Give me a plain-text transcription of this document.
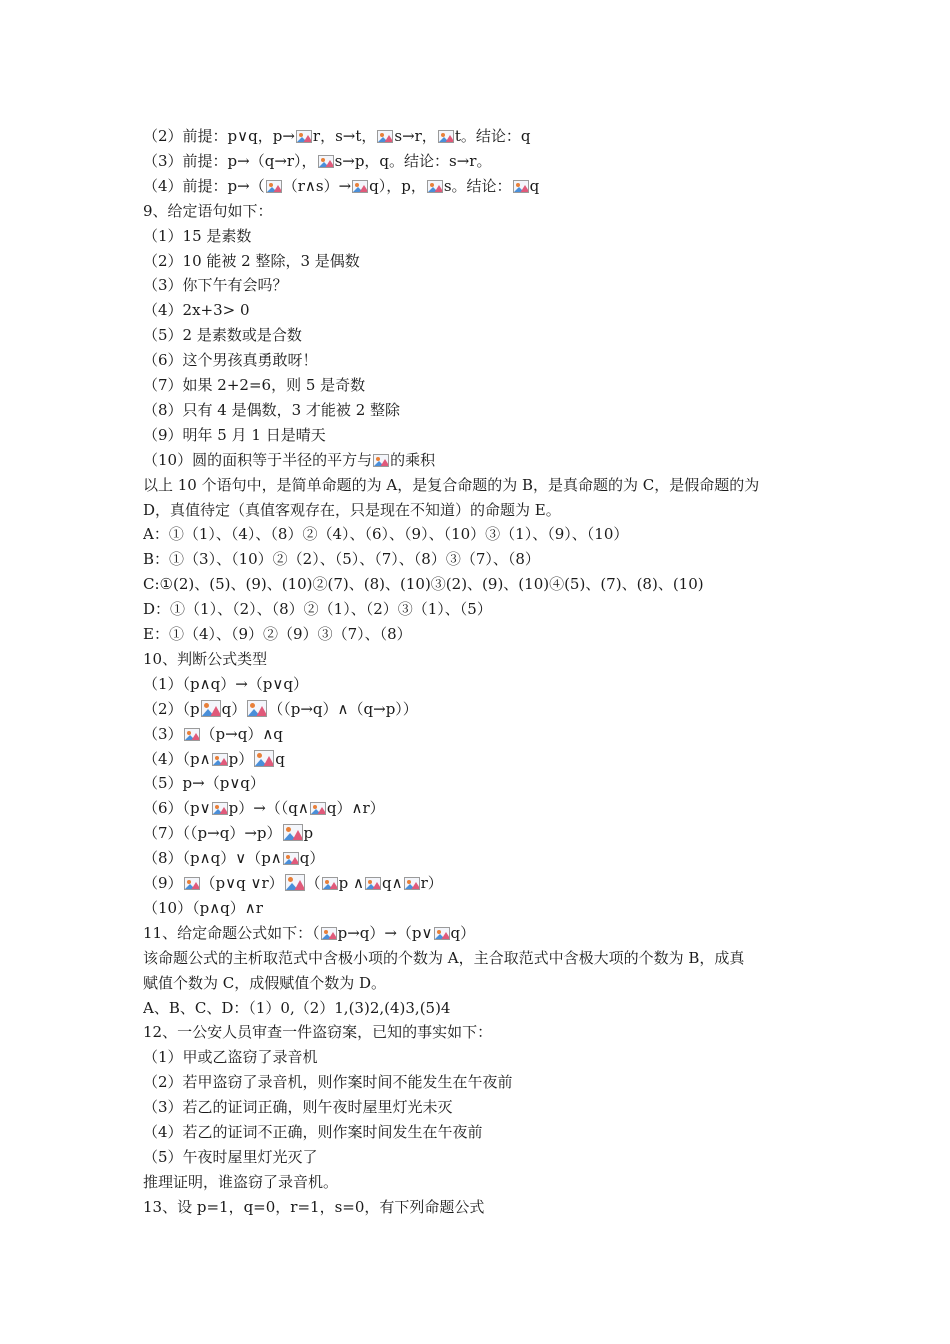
（2）前提：p∨q，p→ r，s→t， s→r， t。结论：q
（3）前提：p→（q→r）， s→p，q。结论：s→r。
（4）前提：p→（ （r∧s）→ q），p， s。结论： q
9、给定语句如下：
（1）15 是素数
（2）10 能被 2 整除，3 是偶数
（3）你下午有会吗？
（4）2x+3> 0
（5）2 是素数或是合数
（6）这个男孩真勇敢呀！
（7）如果 2+2=6，则 5 是奇数
（8）只有 4 是偶数，3 才能被 2 整除
（9）明年 5 月 1 日是晴天
（10）圆的面积等于半径的平方与 的乘积
以上 10 个语句中，是简单命题的为 A，是复合命题的为 B，是真命题的为 C，是假命题的为
D，真值待定（真值客观存在，只是现在不知道）的命题为 E。
A：①（1）、（4）、（8）②（4）、（6）、（9）、（10）③（1）、（9）、（10）
B：①（3）、（10）②（2）、（5）、（7）、（8）③（7）、（8）
C:①(2)、(5)、(9)、(10)②(7)、(8)、(10)③(2)、(9)、(10)④(5)、(7)、(8)、(10)
D：①（1）、（2）、（8）②（1）、（2）③（1）、（5）
E：①（4）、（9）②（9）③（7）、（8）
10、判断公式类型
（1）（p∧q）→（p∨q）
（2）（p q） （（p→q）∧（q→p））
（3） （p→q）∧q
（4）（p∧ p） q
（5）p→（p∨q）
（6）（p∨ p）→（（q∧ q）∧r）
（7）（（p→q）→p） p
（8）（p∧q）∨（p∧ q）
（9） （p∨q ∨r） （ p ∧ q∧ r）
（10）（p∧q）∧r
11、给定命题公式如下：（ p→q）→（p∨ q）
该命题公式的主析取范式中含极小项的个数为 A，主合取范式中含极大项的个数为 B，成真
赋值个数为 C，成假赋值个数为 D。
A、B、C、D：（1）0,（2）1,(3)2,(4)3,(5)4
12、一公安人员审查一件盗窃案，已知的事实如下：
（1）甲或乙盗窃了录音机
（2）若甲盗窃了录音机，则作案时间不能发生在午夜前
（3）若乙的证词正确，则午夜时屋里灯光未灭
（4）若乙的证词不正确，则作案时间发生在午夜前
（5）午夜时屋里灯光灭了
推理证明，谁盗窃了录音机。
13、设 p=1，q=0，r=1，s=0，有下列命题公式
